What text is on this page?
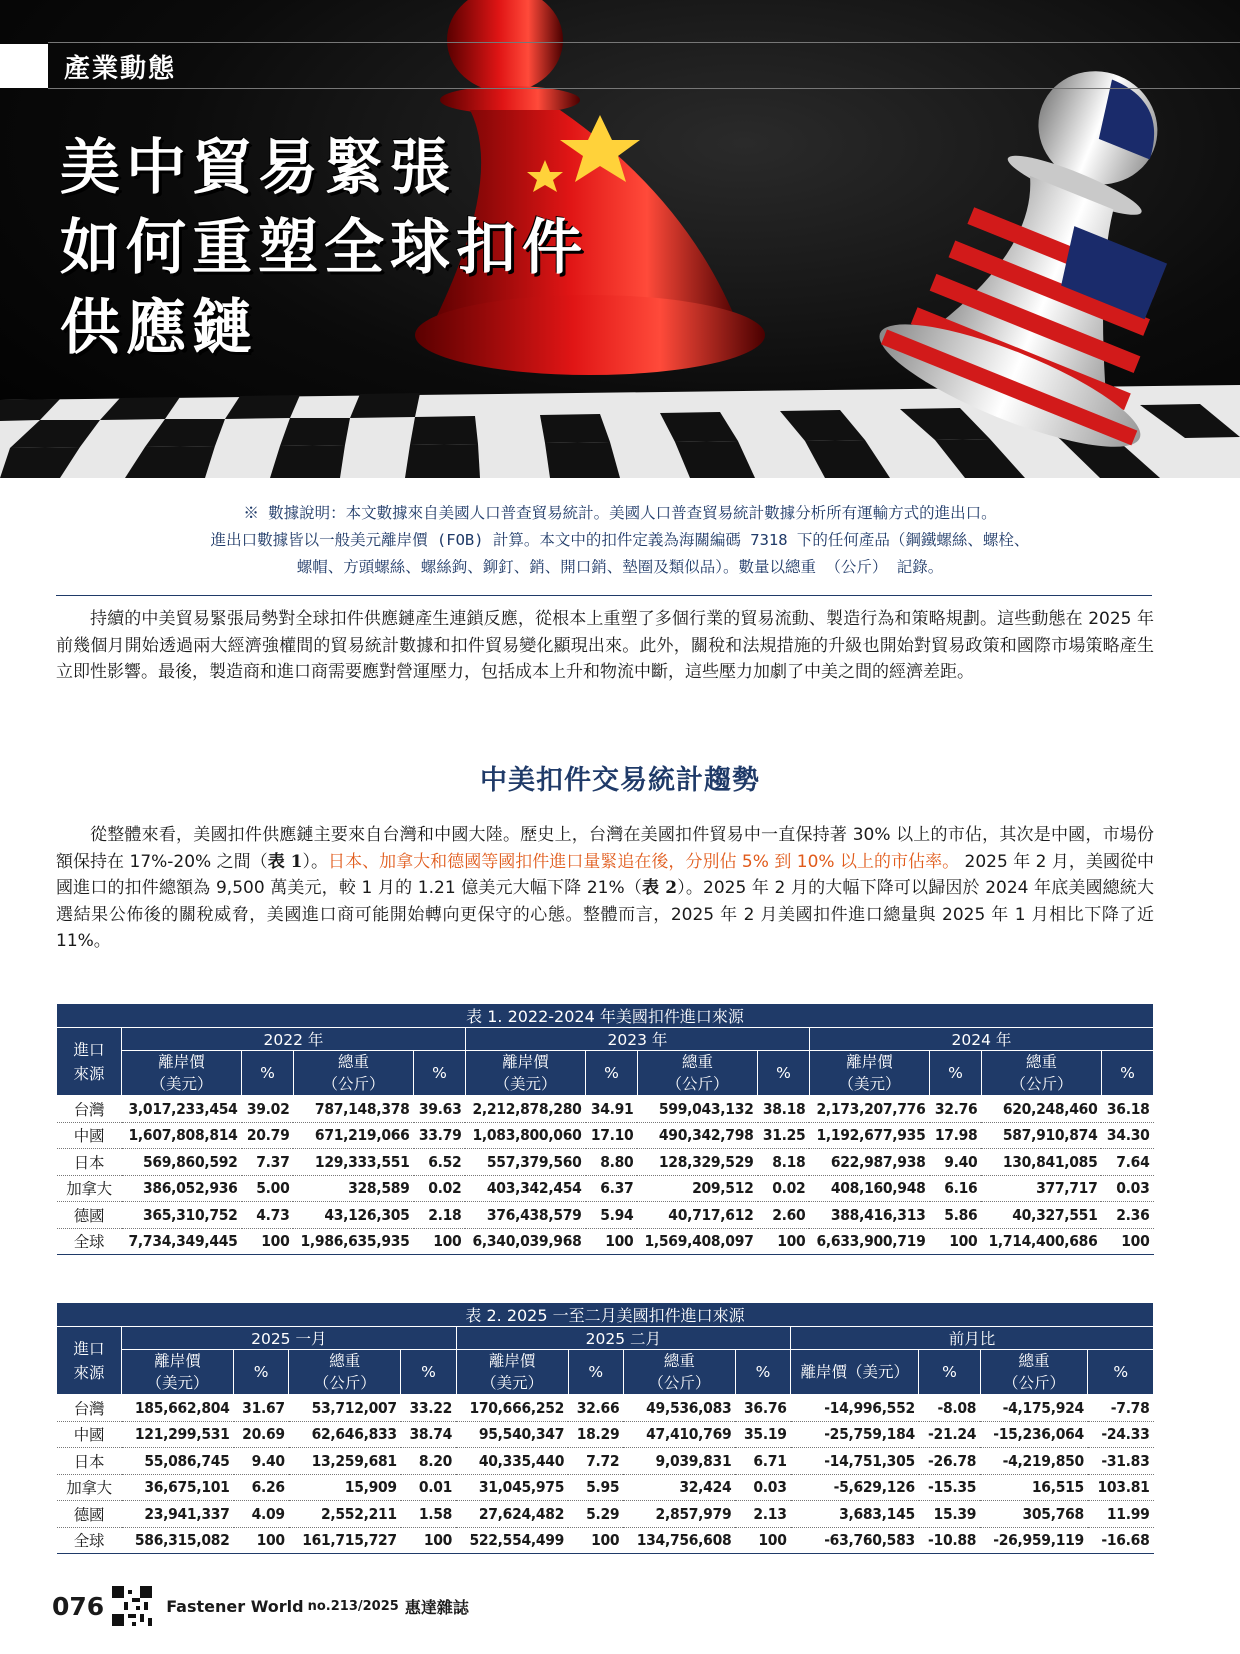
產業動態
美中貿易緊張
如何重塑全球扣件
供應鏈
※ 數據說明：本文數據來自美國人口普查貿易統計。美國人口普查貿易統計數據分析所有運輸方式的進出口。
進出口數據皆以一般美元離岸價 (FOB) 計算。本文中的扣件定義為海關編碼 7318 下的任何產品（鋼鐵螺絲、螺栓、
螺帽、方頭螺絲、螺絲鉤、鉚釘、銷、開口銷、墊圈及類似品）。數量以總重 （公斤） 記錄。
持續的中美貿易緊張局勢對全球扣件供應鏈產生連鎖反應，從根本上重塑了多個行業的貿易流動、製造行為和策略規劃。這些動態在 2025 年前幾個月開始透過兩大經濟強權間的貿易統計數據和扣件貿易變化顯現出來。此外，關稅和法規措施的升級也開始對貿易政策和國際市場策略產生立即性影響。最後，製造商和進口商需要應對營運壓力，包括成本上升和物流中斷，這些壓力加劇了中美之間的經濟差距。
中美扣件交易統計趨勢
從整體來看，美國扣件供應鏈主要來自台灣和中國大陸。歷史上，台灣在美國扣件貿易中一直保持著 30% 以上的市佔，其次是中國，市場份額保持在 17%-20% 之間（表 1）。日本、加拿大和德國等國扣件進口量緊追在後，分別佔 5% 到 10% 以上的市佔率。 2025 年 2 月，美國從中國進口的扣件總額為 9,500 萬美元，較 1 月的 1.21 億美元大幅下降 21%（表 2）。2025 年 2 月的大幅下降可以歸因於 2024 年底美國總統大選結果公佈後的關稅威脅，美國進口商可能開始轉向更保守的心態。整體而言，2025 年 2 月美國扣件進口總量與 2025 年 1 月相比下降了近 11%。
表 1. 2022-2024 年美國扣件進口來源												
進口
來源	2022 年				2023 年				2024 年			
	離岸價
（美元）	%	總重
（公斤）	%	離岸價
（美元）	%	總重
（公斤）	%	離岸價
（美元）	%	總重
（公斤）	%
台灣	3,017,233,454	39.02	787,148,378	39.63	2,212,878,280	34.91	599,043,132	38.18	2,173,207,776	32.76	620,248,460	36.18
中國	1,607,808,814	20.79	671,219,066	33.79	1,083,800,060	17.10	490,342,798	31.25	1,192,677,935	17.98	587,910,874	34.30
日本	569,860,592	7.37	129,333,551	6.52	557,379,560	8.80	128,329,529	8.18	622,987,938	9.40	130,841,085	7.64
加拿大	386,052,936	5.00	328,589	0.02	403,342,454	6.37	209,512	0.02	408,160,948	6.16	377,717	0.03
德國	365,310,752	4.73	43,126,305	2.18	376,438,579	5.94	40,717,612	2.60	388,416,313	5.86	40,327,551	2.36
全球	7,734,349,445	100	1,986,635,935	100	6,340,039,968	100	1,569,408,097	100	6,633,900,719	100	1,714,400,686	100
表 2. 2025 一至二月美國扣件進口來源												
進口
來源	2025 一月				2025 二月				前月比			
	離岸價
（美元）	%	總重
（公斤）	%	離岸價
（美元）	%	總重
（公斤）	%	離岸價（美元）	%	總重
（公斤）	%
台灣	185,662,804	31.67	53,712,007	33.22	170,666,252	32.66	49,536,083	36.76	-14,996,552	-8.08	-4,175,924	-7.78
中國	121,299,531	20.69	62,646,833	38.74	95,540,347	18.29	47,410,769	35.19	-25,759,184	-21.24	-15,236,064	-24.33
日本	55,086,745	9.40	13,259,681	8.20	40,335,440	7.72	9,039,831	6.71	-14,751,305	-26.78	-4,219,850	-31.83
加拿大	36,675,101	6.26	15,909	0.01	31,045,975	5.95	32,424	0.03	-5,629,126	-15.35	16,515	103.81
德國	23,941,337	4.09	2,552,211	1.58	27,624,482	5.29	2,857,979	2.13	3,683,145	15.39	305,768	11.99
全球	586,315,082	100	161,715,727	100	522,554,499	100	134,756,608	100	-63,760,583	-10.88	-26,959,119	-16.68
076	Fastener World no.213/2025 惠達雜誌
